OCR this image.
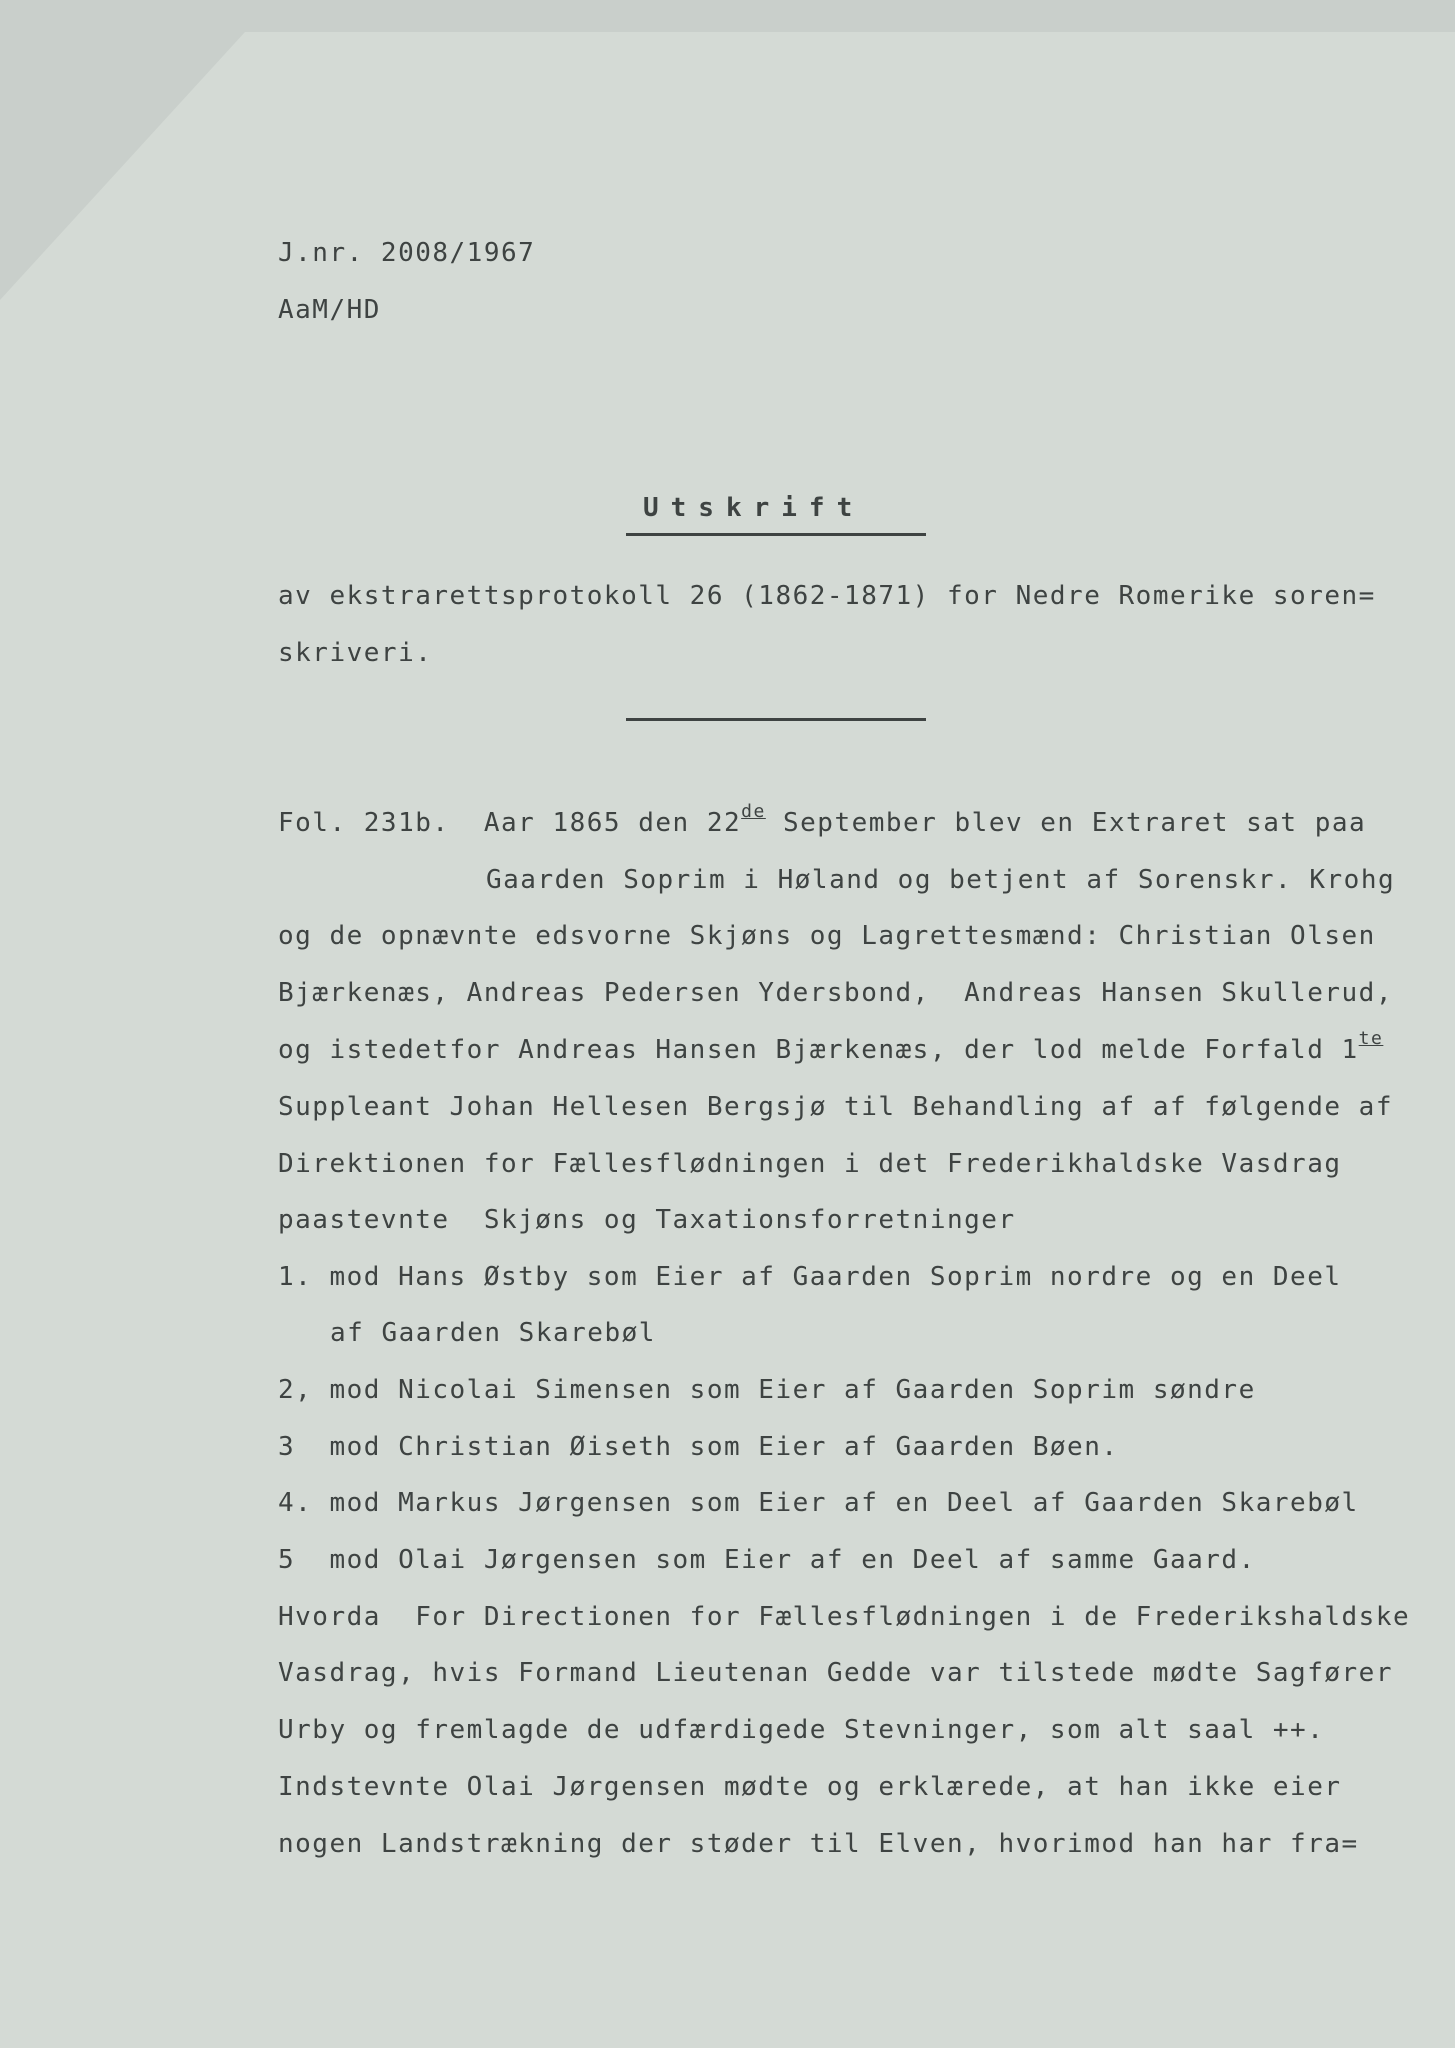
J.nr. 2008/1967
AaM/HD
Utskrift
av ekstrarettsprotokoll 26 (1862-1871) for Nedre Romerike soren=
skriveri.
Fol. 231b.  Aar 1865 den 22de September blev en Extraret sat paa
Gaarden Soprim i Høland og betjent af Sorenskr. Krohg
og de opnævnte edsvorne Skjøns og Lagrettesmænd: Christian Olsen
Bjærkenæs, Andreas Pedersen Ydersbond,  Andreas Hansen Skullerud,
og istedetfor Andreas Hansen Bjærkenæs, der lod melde Forfald $1^{te}$
Suppleant Johan Hellesen Bergsjø til Behandling af af følgende af
Direktionen for Fællesflødningen i det Frederikhaldske Vasdrag
paastevnte  Skjøns og Taxationsforretninger
1. mod Hans Østby som Eier af Gaarden Soprim nordre og en Deel
af Gaarden Skarebøl
2, mod Nicolai Simensen som Eier af Gaarden Soprim søndre
3  mod Christian Øiseth som Eier af Gaarden Bøen.
4. mod Markus Jørgensen som Eier af en Deel af Gaarden Skarebøl
5  mod Olai Jørgensen som Eier af en Deel af samme Gaard.
Hvorda  For Directionen for Fællesflødningen i de Frederikshaldske
Vasdrag, hvis Formand Lieutenan Gedde var tilstede mødte Sagfører
Urby og fremlagde de udfærdigede Stevninger, som alt saal ++.
Indstevnte Olai Jørgensen mødte og erklærede, at han ikke eier
nogen Landstrækning der støder til Elven, hvorimod han har fra=
